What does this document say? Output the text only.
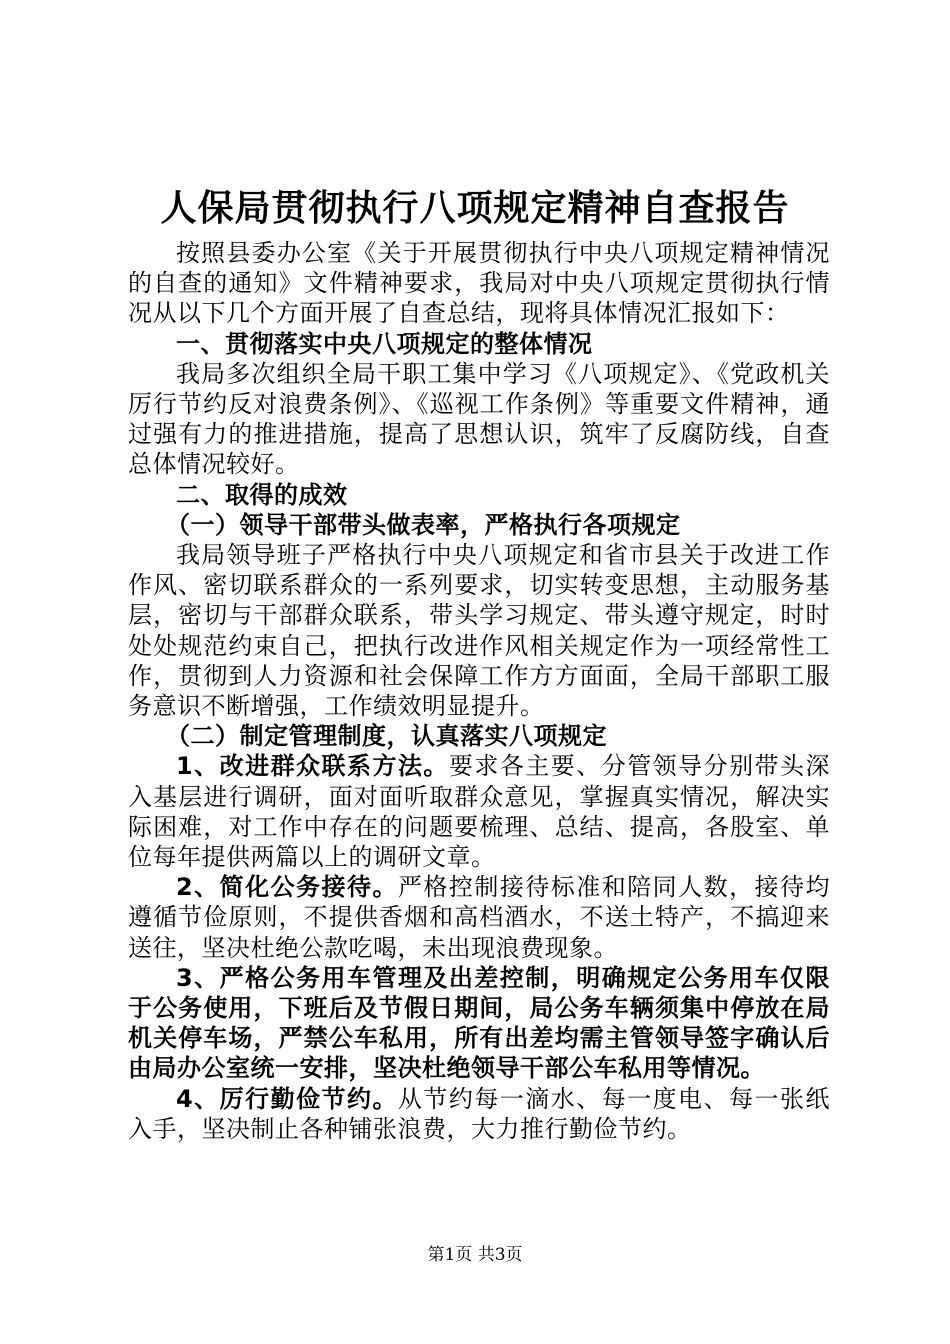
人保局贯彻执行八项规定精神自查报告

按照县委办公室《关于开展贯彻执行中央八项规定精神情况的自查的通知》文件精神要求，我局对中央八项规定贯彻执行情况从以下几个方面开展了自查总结，现将具体情况汇报如下：

一、贯彻落实中央八项规定的整体情况

我局多次组织全局干职工集中学习《八项规定》、《党政机关厉行节约反对浪费条例》、《巡视工作条例》等重要文件精神，通过强有力的推进措施，提高了思想认识，筑牢了反腐防线，自查总体情况较好。

二、取得的成效

（一）领导干部带头做表率，严格执行各项规定

我局领导班子严格执行中央八项规定和省市县关于改进工作作风、密切联系群众的一系列要求，切实转变思想，主动服务基层，密切与干部群众联系，带头学习规定、带头遵守规定，时时处处规范约束自己，把执行改进作风相关规定作为一项经常性工作，贯彻到人力资源和社会保障工作方方面面，全局干部职工服务意识不断增强，工作绩效明显提升。

（二）制定管理制度，认真落实八项规定

1、改进群众联系方法。要求各主要、分管领导分别带头深入基层进行调研，面对面听取群众意见，掌握真实情况，解决实际困难，对工作中存在的问题要梳理、总结、提高，各股室、单位每年提供两篇以上的调研文章。

2、简化公务接待。严格控制接待标准和陪同人数，接待均遵循节俭原则，不提供香烟和高档酒水，不送土特产，不搞迎来送往，坚决杜绝公款吃喝，未出现浪费现象。

3、严格公务用车管理及出差控制，明确规定公务用车仅限于公务使用，下班后及节假日期间，局公务车辆须集中停放在局机关停车场，严禁公车私用，所有出差均需主管领导签字确认后由局办公室统一安排，坚决杜绝领导干部公车私用等情况。

4、厉行勤俭节约。从节约每一滴水、每一度电、每一张纸入手，坚决制止各种铺张浪费，大力推行勤俭节约。

第1页 共3页
